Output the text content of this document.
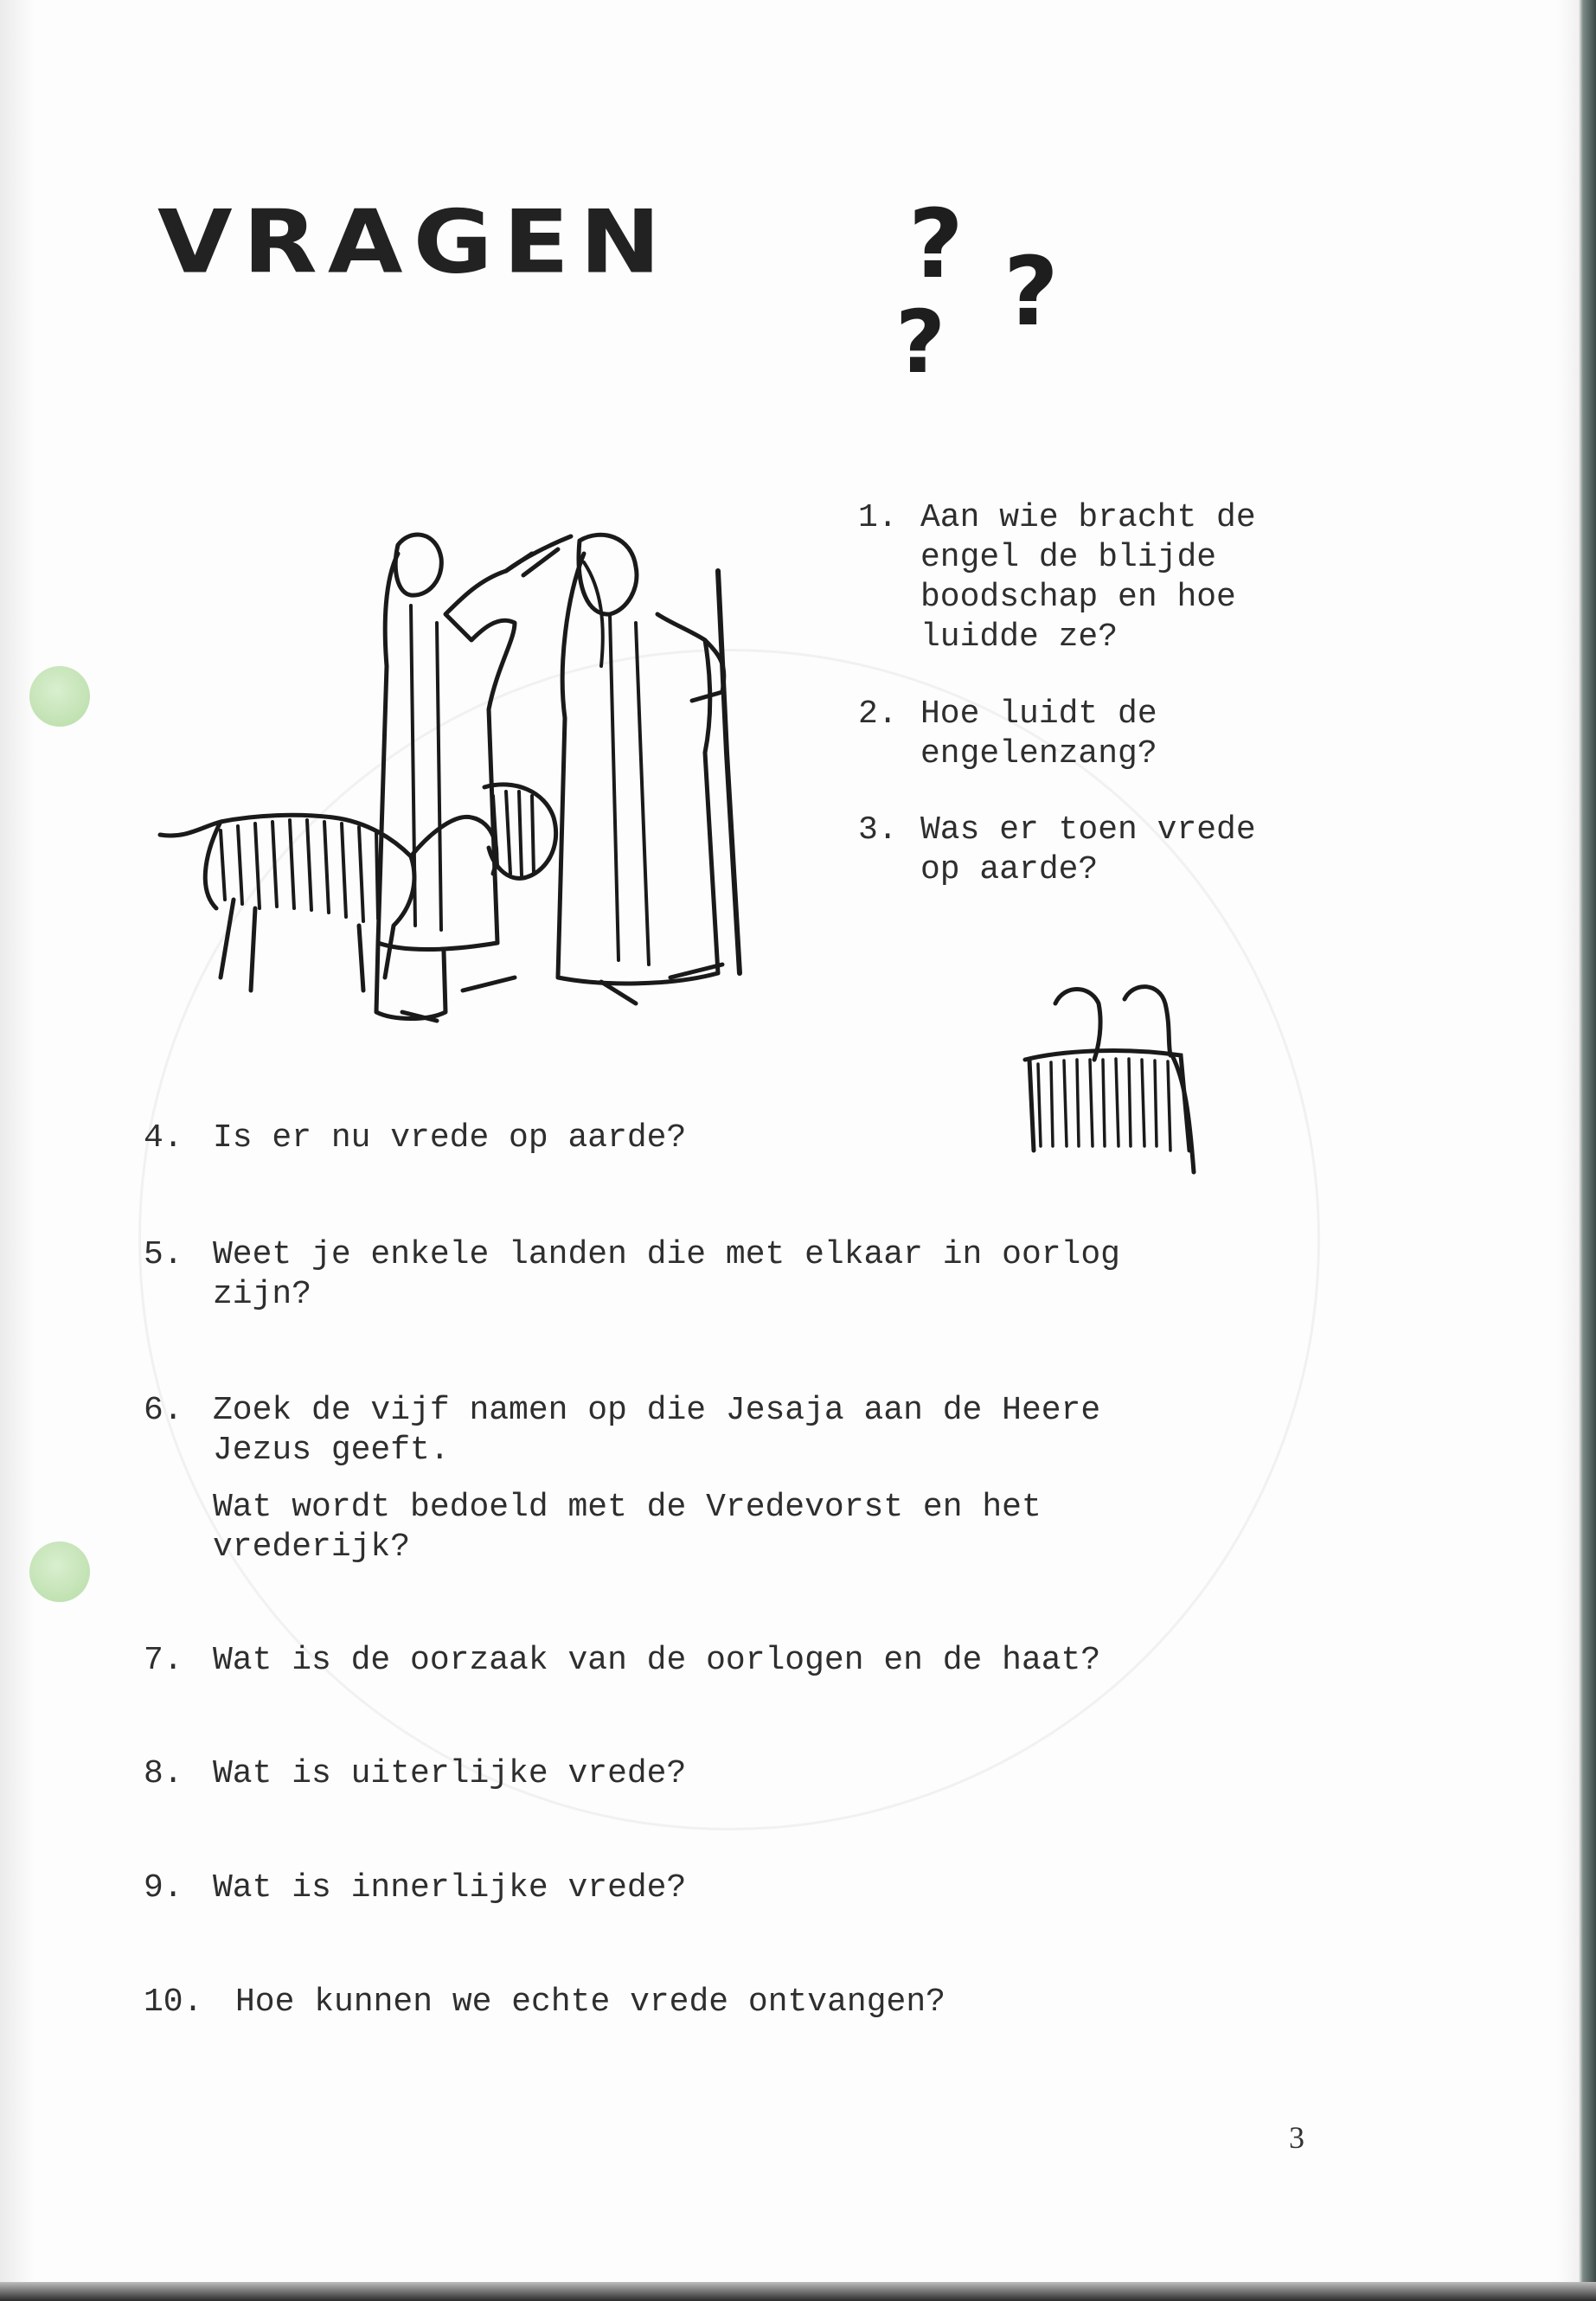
VRAGEN ? ?
?

1. Aan wie bracht de

engel de blijde

boodschap en hoe

luidde ze?

2. Hoe luidt de

engelenzang?

3. Was er toen vrede

op aarde?

4. Is er nu vrede op aarde?

5. Weet je enkele landen die met elkaar in oorlog

zijn?

6. Zoek de vijf namen op die Jesaja aan de Heere

Jezus geeft.

Wat wordt bedoeld met de Vredevorst en het

vrederijk?

7. Wat is de oorzaak van de oorlogen en de haat?

8. Wat is uiterlijke vrede?

9. Wat is innerlijke vrede?

10. Hoe kunnen we echte vrede ontvangen?

3
